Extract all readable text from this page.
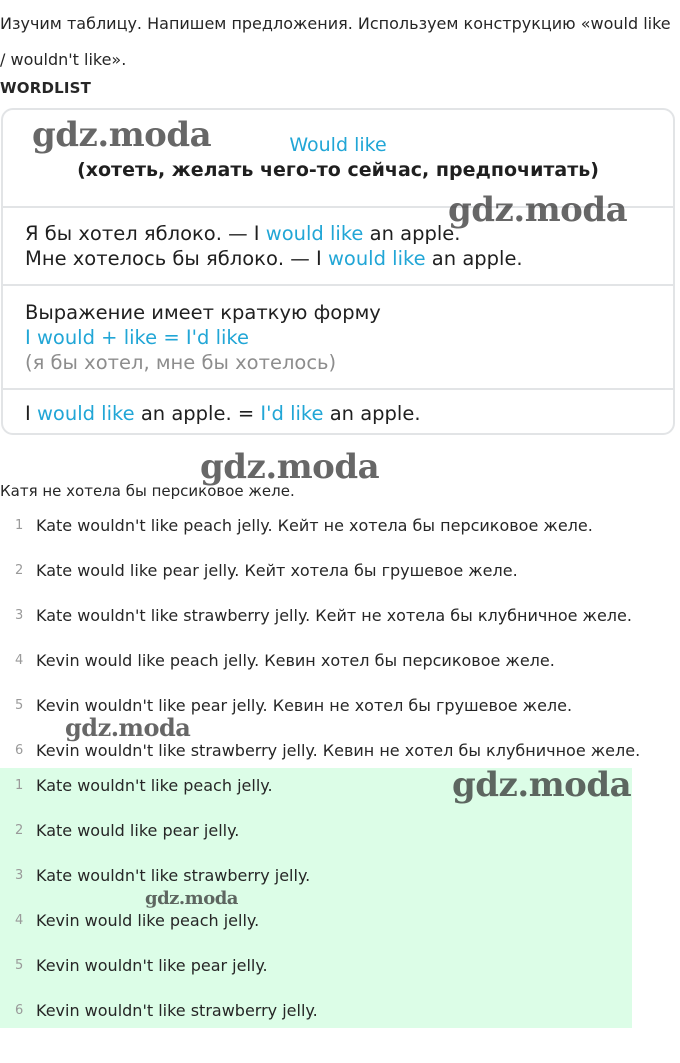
Изучим таблицу. Напишем предложения. Используем конструкцию «would like / wouldn't like».
WORDLIST
Would like
(хотеть, желать чего-то сейчас, предпочитать)
Я бы хотел яблоко. — I would like an apple.
Мне хотелось бы яблоко. — I would like an apple.
Выражение имеет краткую форму
I would + like = I'd like
(я бы хотел, мне бы хотелось)
I would like an apple. = I'd like an apple.
Катя не хотела бы персиковое желе.
1 Kate wouldn't like peach jelly. Кейт не хотела бы персиковое желе.
2 Kate would like pear jelly. Кейт хотела бы грушевое желе.
3 Kate wouldn't like strawberry jelly. Кейт не хотела бы клубничное желе.
4 Kevin would like peach jelly. Кевин хотел бы персиковое желе.
5 Kevin wouldn't like pear jelly. Кевин не хотел бы грушевое желе.
6 Kevin wouldn't like strawberry jelly. Кевин не хотел бы клубничное желе.
1 Kate wouldn't like peach jelly.
2 Kate would like pear jelly.
3 Kate wouldn't like strawberry jelly.
4 Kevin would like peach jelly.
5 Kevin wouldn't like pear jelly.
6 Kevin wouldn't like strawberry jelly.
gdz.moda
gdz.moda
gdz.moda
gdz.moda
gdz.moda
gdz.moda
